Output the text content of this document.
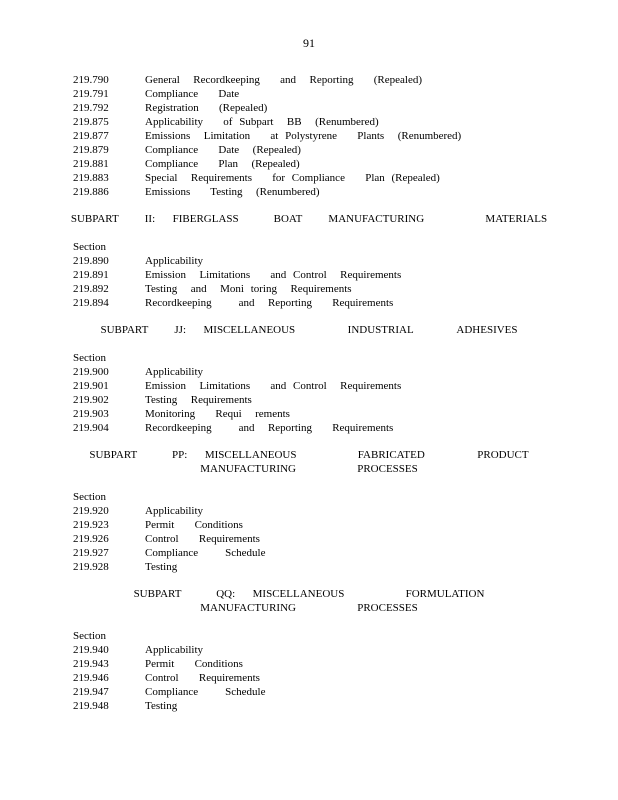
91
219.790	General  Recordkeeping   and  Reporting   (Repealed)
219.791	Compliance   Date
219.792	Registration   (Repealed)
219.875	Applicability   of Subpart  BB  (Renumbered)
219.877	Emissions  Limitation   at Polystyrene   Plants  (Renumbered)
219.879	Compliance   Date  (Repealed)
219.881	Compliance   Plan  (Repealed)
219.883	Special  Requirements   for Compliance   Plan (Repealed)
219.886	Emissions   Testing  (Renumbered)
SUBPART   II:  FIBERGLASS    BOAT   MANUFACTURING       MATERIALS
Section
219.890	Applicability
219.891	Emission  Limitations   and Control  Requirements
219.892	Testing  and  Moni toring  Requirements
219.894	Recordkeeping    and  Reporting   Requirements
SUBPART   JJ:  MISCELLANEOUS      INDUSTRIAL     ADHESIVES
Section
219.900	Applicability
219.901	Emission  Limitations   and Control  Requirements
219.902	Testing  Requirements
219.903	Monitoring   Requi  rements
219.904	Recordkeeping    and  Reporting   Requirements
SUBPART    PP:  MISCELLANEOUS       FABRICATED      PRODUCT
MANUFACTURING       PROCESSES
Section
219.920	Applicability
219.923	Permit   Conditions
219.926	Control   Requirements
219.927	Compliance    Schedule
219.928	Testing
SUBPART    QQ:  MISCELLANEOUS       FORMULATION
MANUFACTURING       PROCESSES
Section
219.940	Applicability
219.943	Permit   Conditions
219.946	Control   Requirements
219.947	Compliance    Schedule
219.948	Testing
